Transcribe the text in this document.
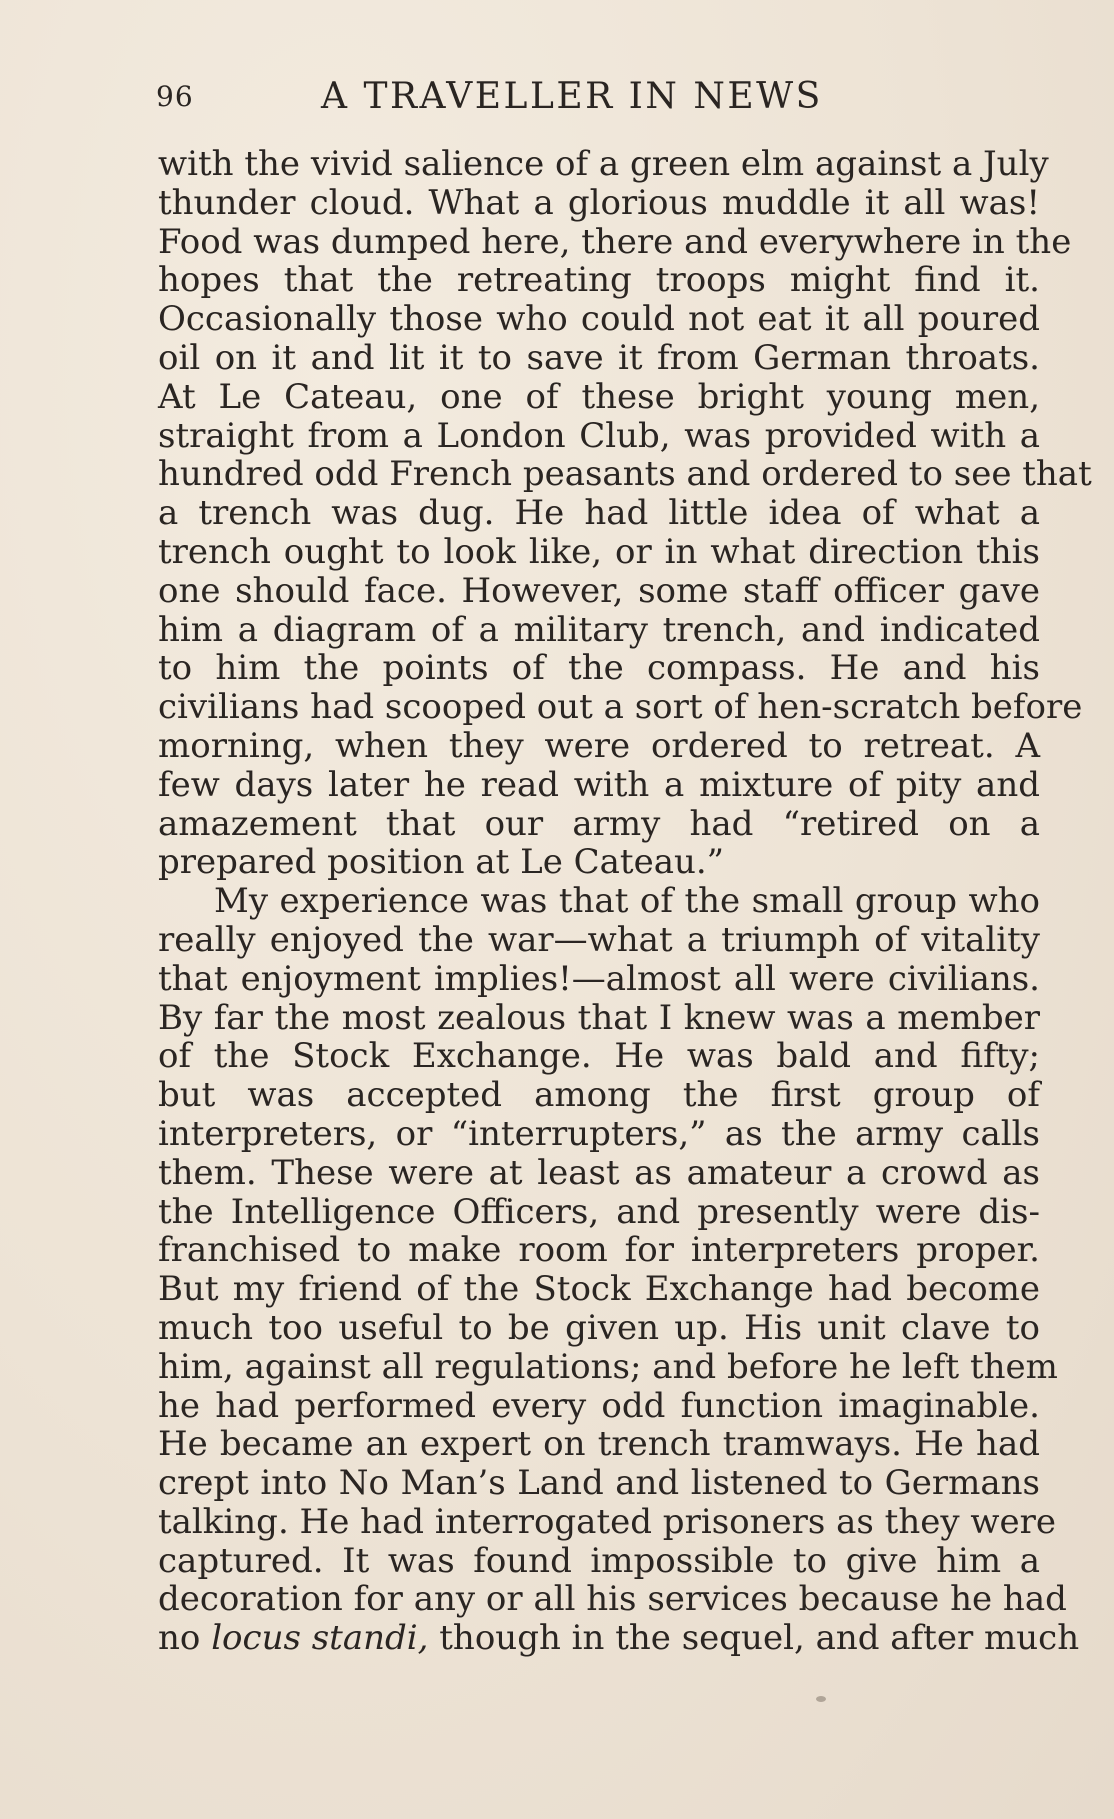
96	A TRAVELLER IN NEWS
with the vivid salience of a green elm against a July
thunder cloud. What a glorious muddle it all was!
Food was dumped here, there and everywhere in the
hopes that the retreating troops might find it.
Occasionally those who could not eat it all poured
oil on it and lit it to save it from German throats.
At Le Cateau, one of these bright young men,
straight from a London Club, was provided with a
hundred odd French peasants and ordered to see that
a trench was dug. He had little idea of what a
trench ought to look like, or in what direction this
one should face. However, some staff officer gave
him a diagram of a military trench, and indicated
to him the points of the compass. He and his
civilians had scooped out a sort of hen-scratch before
morning, when they were ordered to retreat. A
few days later he read with a mixture of pity and
amazement that our army had “retired on a
prepared position at Le Cateau.”
My experience was that of the small group who
really enjoyed the war—what a triumph of vitality
that enjoyment implies!—almost all were civilians.
By far the most zealous that I knew was a member
of the Stock Exchange. He was bald and fifty;
but was accepted among the first group of
interpreters, or “interrupters,” as the army calls
them. These were at least as amateur a crowd as
the Intelligence Officers, and presently were dis-
franchised to make room for interpreters proper.
But my friend of the Stock Exchange had become
much too useful to be given up. His unit clave to
him, against all regulations; and before he left them
he had performed every odd function imaginable.
He became an expert on trench tramways. He had
crept into No Man’s Land and listened to Germans
talking. He had interrogated prisoners as they were
captured. It was found impossible to give him a
decoration for any or all his services because he had
no locus standi, though in the sequel, and after much
